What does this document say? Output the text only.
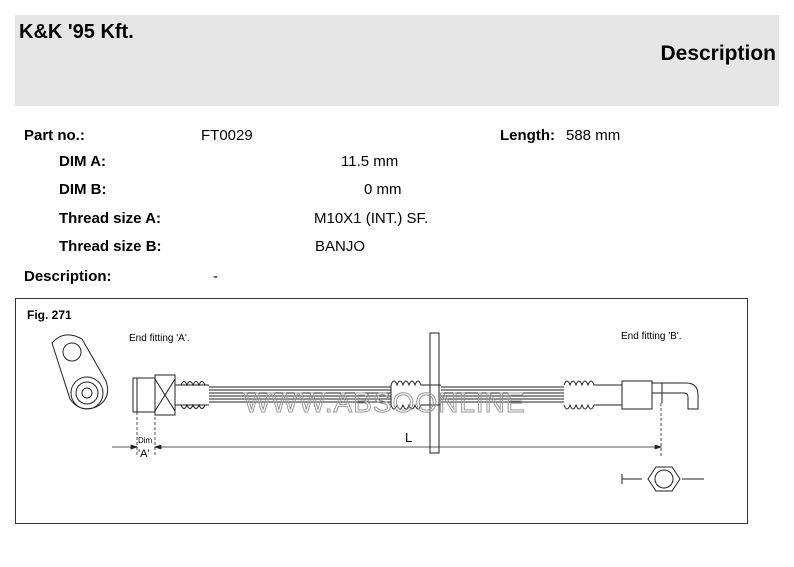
K&K '95 Kft.
Description
Part no.:	FT0029	Length: 588 mm
DIM A:	11.5 mm
DIM B:	0 mm
Thread size A:	M10X1 (INT.) SF.
Thread size B:	BANJO
Description:	-
Fig. 271
End fitting 'A'.	End fitting 'B'.
Dim
'A'
L
WWW.ABSOONLINE
